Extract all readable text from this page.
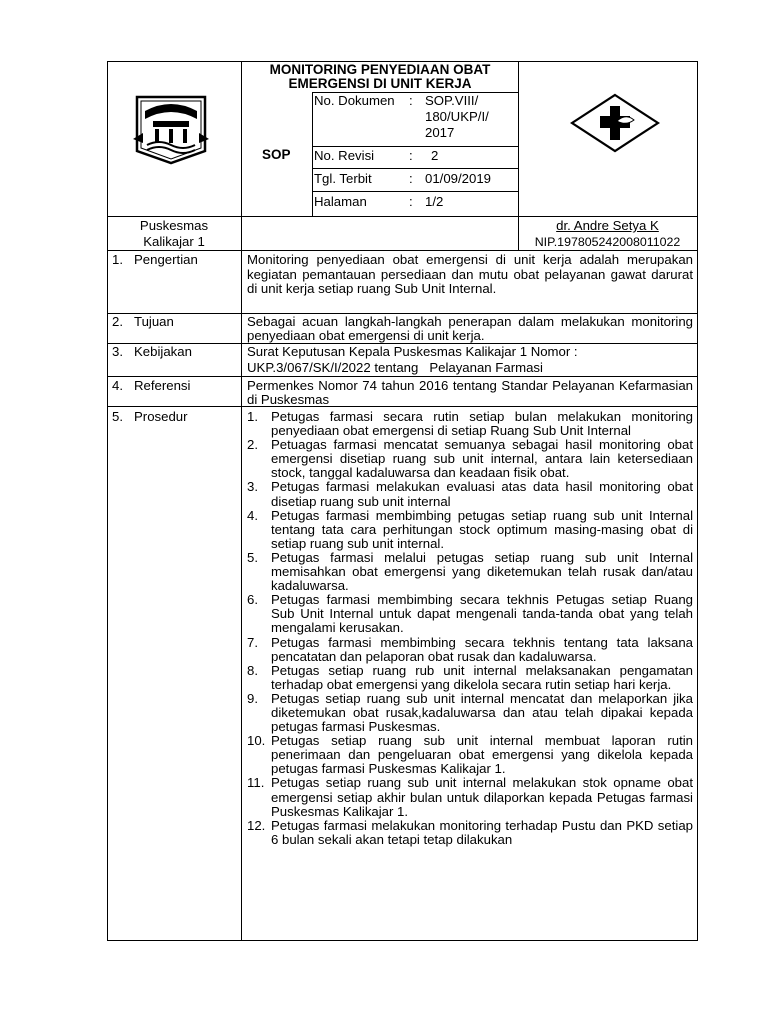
MONITORING PENYEDIAAN OBAT
EMERGENSI DI UNIT KERJA
SOP
No. Dokumen : SOP.VIII/
180/UKP/I/
2017
No. Revisi	: 2
Tgl. Terbit	: 01/09/2019
Halaman	: 1/2
Puskesmas
Kalikajar 1
dr. Andre Setya K
NIP.197805242008011022
1. Pengertian	Monitoring penyediaan obat emergensi di unit kerja adalah merupakan kegiatan pemantauan persediaan dan mutu obat pelayanan gawat darurat di unit kerja setiap ruang Sub Unit Internal.
2. Tujuan	Sebagai acuan langkah-langkah penerapan dalam melakukan monitoring penyediaan obat emergensi di unit kerja.
3. Kebijakan	Surat Keputusan Kepala Puskesmas Kalikajar 1 Nomor :
UKP.3/067/SK/I/2022 tentang   Pelayanan Farmasi
4. Referensi	Permenkes Nomor 74 tahun 2016 tentang Standar Pelayanan Kefarmasian di Puskesmas
5. Prosedur	1. Petugas farmasi secara rutin setiap bulan melakukan monitoring penyediaan obat emergensi di setiap Ruang Sub Unit Internal
2. Petuagas farmasi mencatat semuanya sebagai hasil monitoring obat emergensi disetiap ruang sub unit internal, antara lain ketersediaan stock, tanggal kadaluwarsa dan keadaan fisik obat.
3. Petugas farmasi melakukan evaluasi atas data hasil monitoring obat disetiap ruang sub unit internal
4. Petugas farmasi membimbing petugas setiap ruang sub unit Internal tentang tata cara perhitungan stock optimum masing-masing obat di setiap ruang sub unit internal.
5. Petugas farmasi melalui petugas setiap ruang sub unit Internal memisahkan obat emergensi yang diketemukan telah rusak dan/atau kadaluwarsa.
6. Petugas farmasi membimbing secara tekhnis Petugas setiap Ruang Sub Unit Internal untuk dapat mengenali tanda-tanda obat yang telah mengalami kerusakan.
7. Petugas farmasi membimbing secara tekhnis tentang tata laksana pencatatan dan pelaporan obat rusak dan kadaluwarsa.
8. Petugas setiap ruang rub unit internal melaksanakan pengamatan terhadap obat emergensi yang dikelola secara rutin setiap hari kerja.
9. Petugas setiap ruang sub unit internal mencatat dan melaporkan jika diketemukan obat rusak,kadaluwarsa dan atau telah dipakai kepada petugas farmasi Puskesmas.
10. Petugas setiap ruang sub unit internal membuat laporan rutin penerimaan dan pengeluaran obat emergensi yang dikelola kepada petugas farmasi Puskesmas Kalikajar 1.
11. Petugas setiap ruang sub unit internal melakukan stok opname obat emergensi setiap akhir bulan untuk dilaporkan kepada Petugas farmasi Puskesmas Kalikajar 1.
12. Petugas farmasi melakukan monitoring terhadap Pustu dan PKD setiap 6 bulan sekali akan tetapi tetap dilakukan
